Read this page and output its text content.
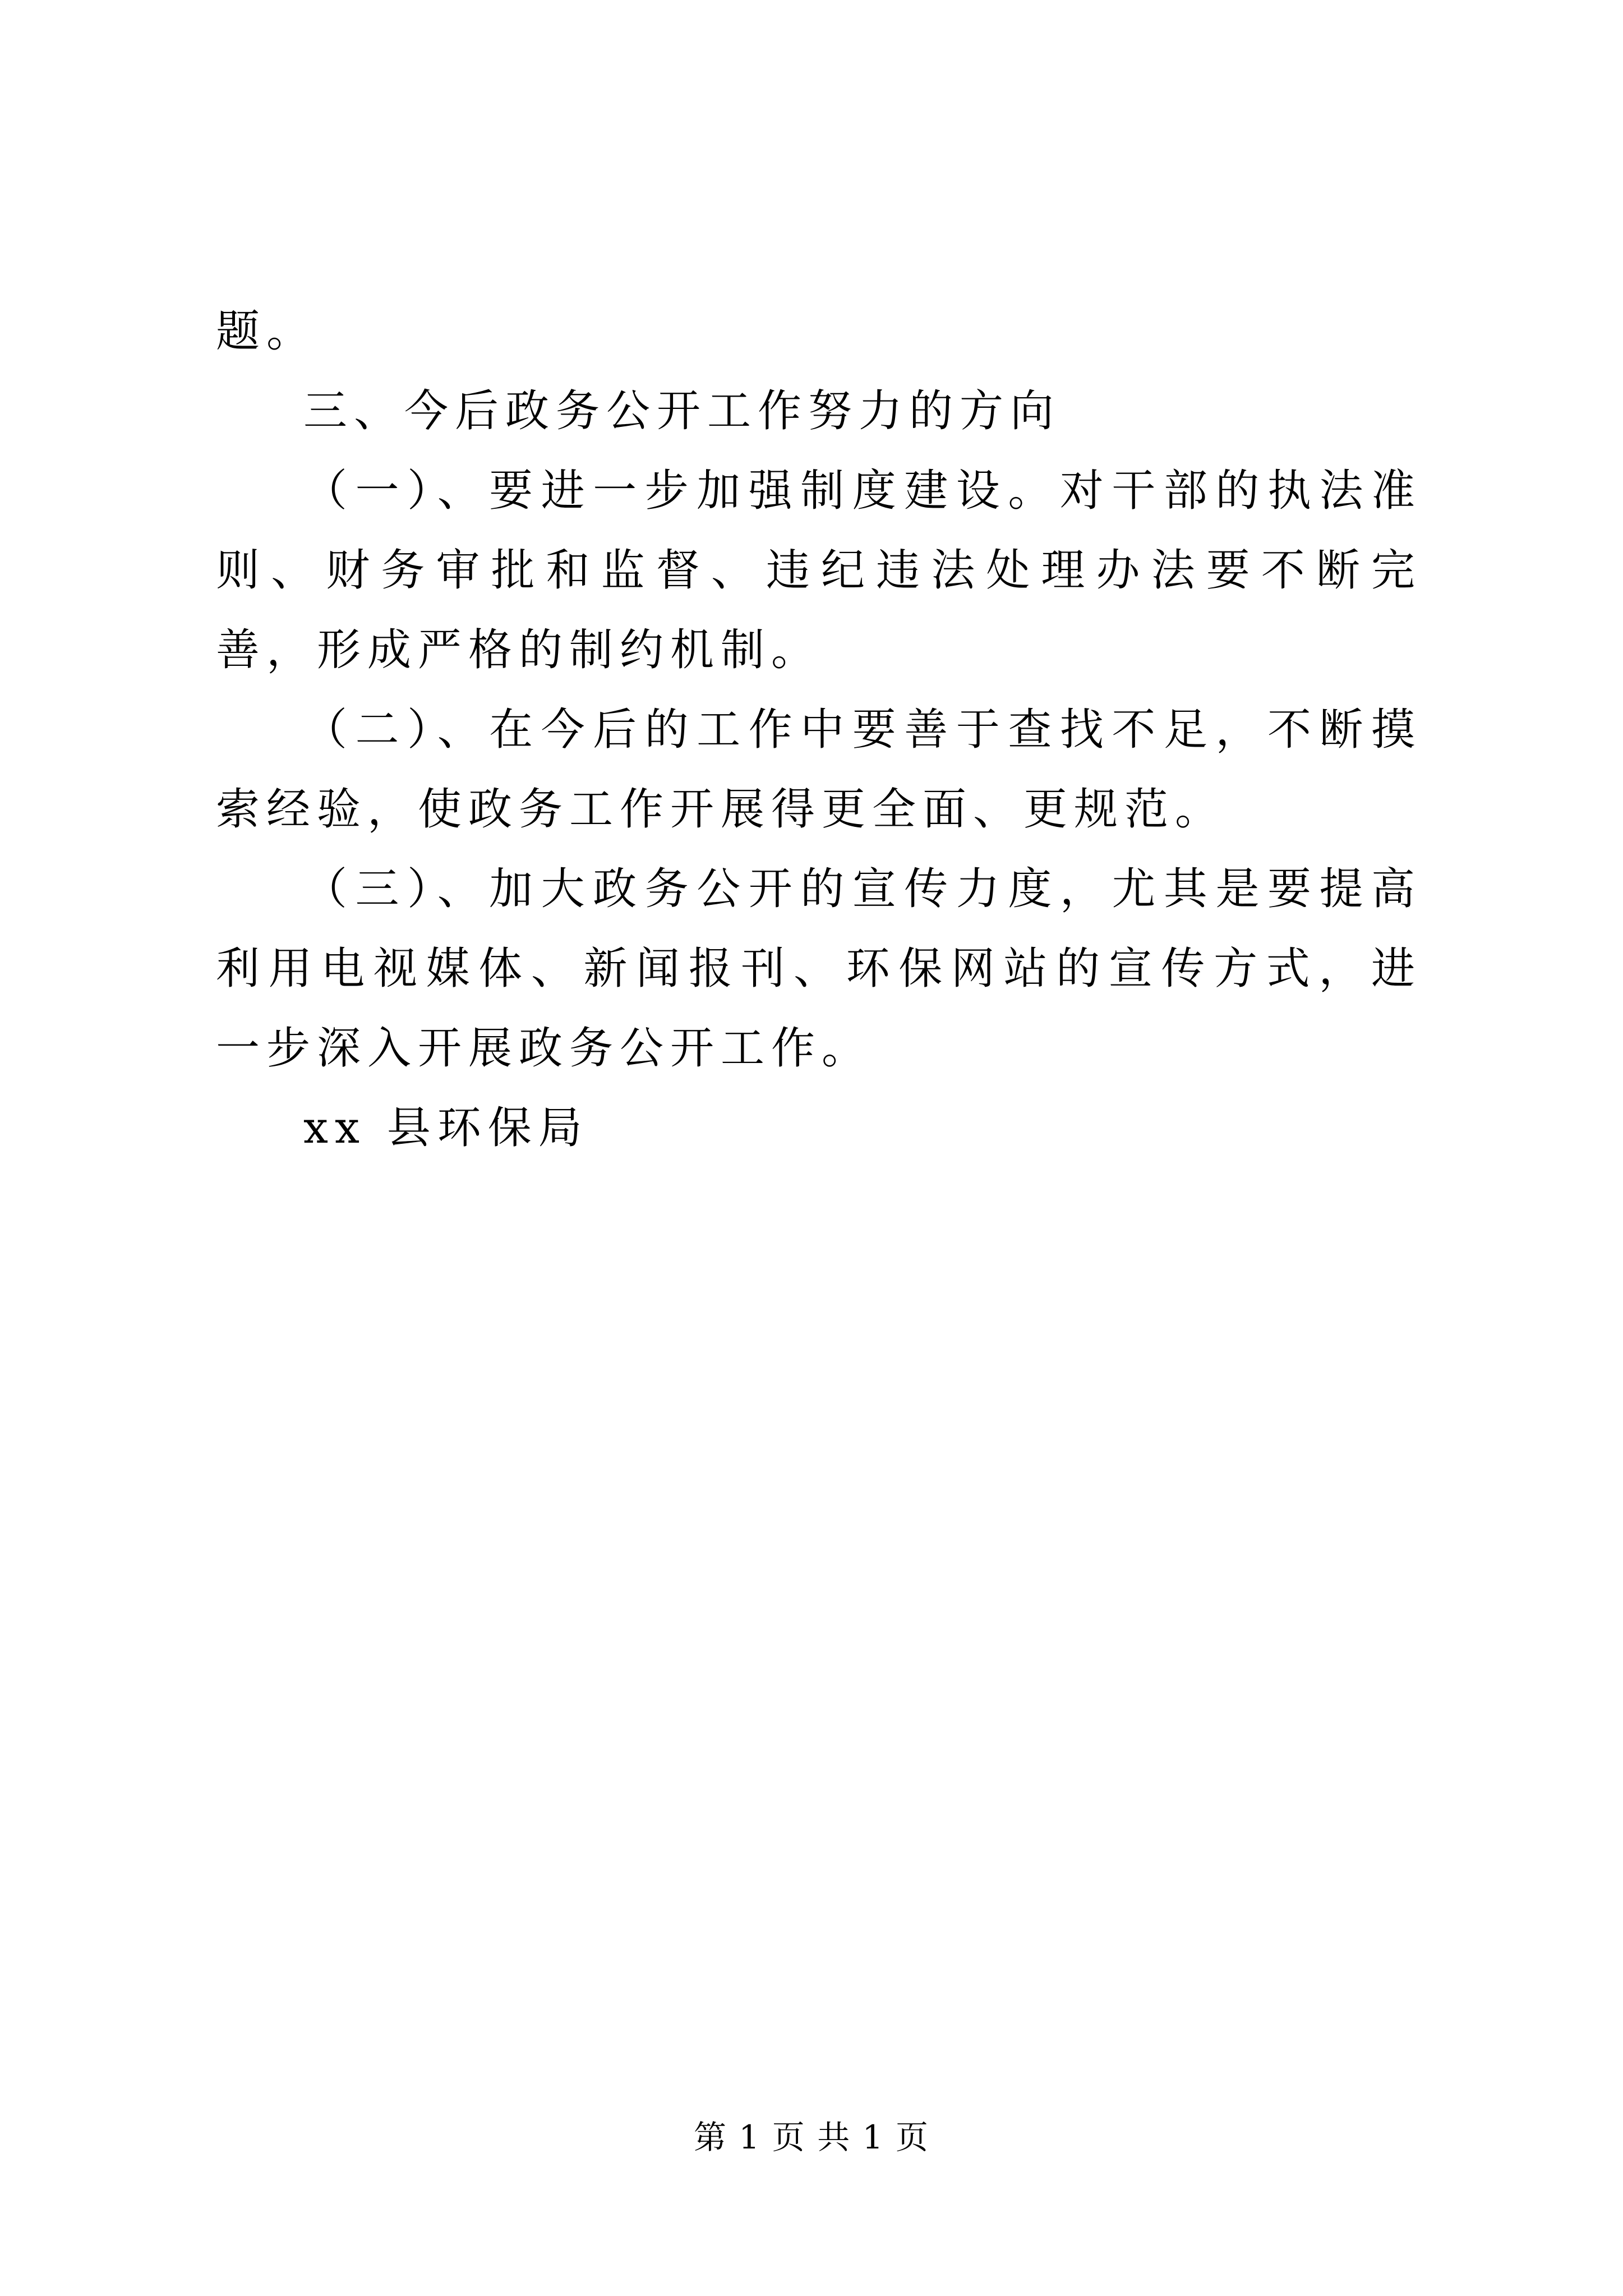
题。
三、今后政务公开工作努力的方向

（一）、要进一步加强制度建设。对干部的执法准则、财务审批和监督、违纪违法处理办法要不断完善，形成严格的制约机制。

（二）、在今后的工作中要善于查找不足，不断摸索经验，使政务工作开展得更全面、更规范。

（三）、加大政务公开的宣传力度，尤其是要提高利用电视媒体、新闻报刊、环保网站的宣传方式，进一步深入开展政务公开工作。

xx 县环保局
第 1 页 共 1 页
